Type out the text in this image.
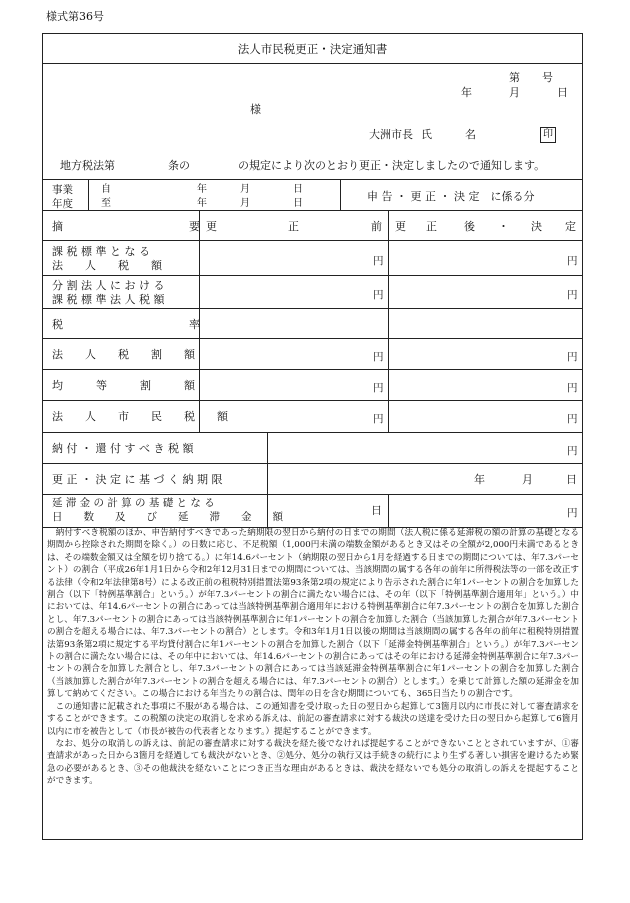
様式第36号
法人市民税更正・決定通知書
第　　号
年	月	日
様
大洲市長 氏　　　名	印
地方税法第	条の	の規定により次のとおり更正・決定しましたので通知します。
事業
年度
自	年	月	日
至	年	月	日
申 告 ・ 更 正 ・ 決 定　に係る分
摘	要 更	正	前 更 正 後 ・ 決 定
課 税 標 準 と な る
法　　人　　税　　額	円	円
分 割 法 人 に お け る
課 税 標 準 法 人 税 額	円	円
税	率
法　　人　　税　　割　　額	円	円
均　　　等　　　割　　　額	円	円
法　　人　　市　　民　　税　　額	円	円
納 付 ・ 還 付 す べ き 税 額	円
更 正 ・ 決 定 に 基 づ く 納 期 限	年	月	日
延 滞 金 の 計 算 の 基 礎 と な る
日　　数　　及　　び　　延　　滞　　金　　額	日	円

納付すべき税額のほか、申告納付すべきであった納期限の翌日から納付の日までの期間（法人税に係る延滞税の額の計算の基礎となる期間から控除された期間を除く。）の日数に応じ、不足税額（1,000円未満の端数金額があるとき又はその全額が2,000円未満であるときは、その端数金額又は全額を切り捨てる。）に年14.6パーセント（納期限の翌日から1月を経過する日までの期間については、年7.3パーセント）の割合（平成26年1月1日から令和2年12月31日までの期間については、当該期間の属する各年の前年に所得税法等の一部を改正する法律（令和2年法律第8号）による改正前の租税特別措置法第93条第2項の規定により告示された割合に年1パーセントの割合を加算した割合（以下「特例基準割合」という。）が年7.3パーセントの割合に満たない場合には、その年（以下「特例基準割合適用年」という。）中においては、年14.6パーセントの割合にあっては当該特例基準割合適用年における特例基準割合に年7.3パーセントの割合を加算した割合とし、年7.3パーセントの割合にあっては当該特例基準割合に年1パーセントの割合を加算した割合（当該加算した割合が年7.3パーセントの割合を超える場合には、年7.3パーセントの割合）とします。令和3年1月1日以後の期間は当該期間の属する各年の前年に租税特別措置法第93条第2項に規定する平均貸付割合に年1パーセントの割合を加算した割合（以下「延滞金特例基準割合」という。）が年7.3パーセントの割合に満たない場合には、その年中においては、年14.6パーセントの割合にあってはその年における延滞金特例基準割合に年7.3パーセントの割合を加算した割合とし、年7.3パーセントの割合にあっては当該延滞金特例基準割合に年1パーセントの割合を加算した割合（当該加算した割合が年7.3パーセントの割合を超える場合には、年7.3パーセントの割合）とします。）を乗じて計算した額の延滞金を加算して納めてください。この場合における年当たりの割合は、閏年の日を含む期間についても、365日当たりの割合です。

この通知書に記載された事項に不服がある場合は、この通知書を受け取った日の翌日から起算して3箇月以内に市長に対して審査請求をすることができます。この税額の決定の取消しを求める訴えは、前記の審査請求に対する裁決の送達を受けた日の翌日から起算して6箇月以内に市を被告として（市長が被告の代表者となります。）提起することができます。

なお、処分の取消しの訴えは、前記の審査請求に対する裁決を経た後でなければ提起することができないこととされていますが、①審査請求があった日から3箇月を経過しても裁決がないとき、②処分、処分の執行又は手続きの続行により生ずる著しい損害を避けるため緊急の必要があるとき、③その他裁決を経ないことにつき正当な理由があるときは、裁決を経ないでも処分の取消しの訴えを提起することができます。
